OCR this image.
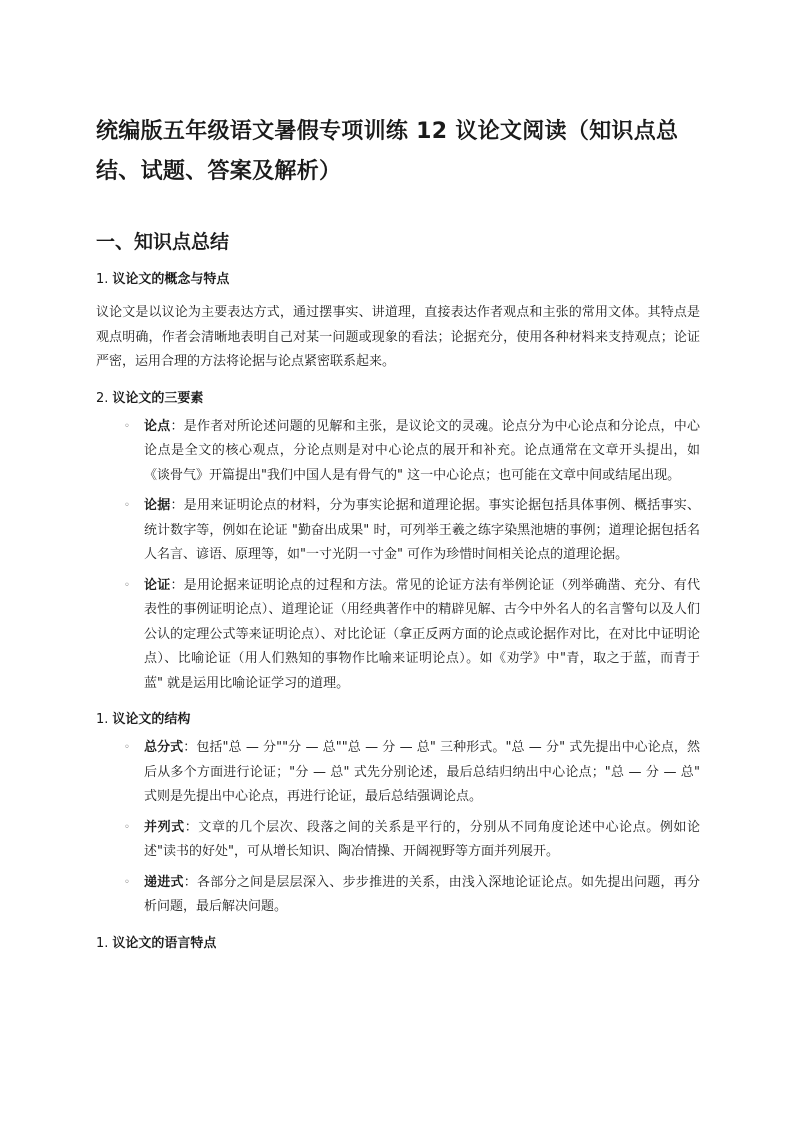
统编版五年级语文暑假专项训练 12 议论文阅读（知识点总结、试题、答案及解析）
一、知识点总结
1. 议论文的概念与特点

议论文是以议论为主要表达方式，通过摆事实、讲道理，直接表达作者观点和主张的常用文体。其特点是观点明确，作者会清晰地表明自己对某一问题或现象的看法；论据充分，使用各种材料来支持观点；论证严密，运用合理的方法将论据与论点紧密联系起来。

2. 议论文的三要素
◦ 论点：是作者对所论述问题的见解和主张，是议论文的灵魂。论点分为中心论点和分论点，中心论点是全文的核心观点，分论点则是对中心论点的展开和补充。论点通常在文章开头提出，如《谈骨气》开篇提出"我们中国人是有骨气的" 这一中心论点；也可能在文章中间或结尾出现。
◦ 论据：是用来证明论点的材料，分为事实论据和道理论据。事实论据包括具体事例、概括事实、统计数字等，例如在论证 "勤奋出成果" 时，可列举王羲之练字染黑池塘的事例；道理论据包括名人名言、谚语、原理等，如"一寸光阴一寸金" 可作为珍惜时间相关论点的道理论据。
◦ 论证：是用论据来证明论点的过程和方法。常见的论证方法有举例论证（列举确凿、充分、有代表性的事例证明论点）、道理论证（用经典著作中的精辟见解、古今中外名人的名言警句以及人们公认的定理公式等来证明论点）、对比论证（拿正反两方面的论点或论据作对比，在对比中证明论点）、比喻论证（用人们熟知的事物作比喻来证明论点）。如《劝学》中"青，取之于蓝，而青于蓝" 就是运用比喻论证学习的道理。
1. 议论文的结构
◦ 总分式：包括"总 — 分""分 — 总""总 — 分 — 总" 三种形式。"总 — 分" 式先提出中心论点，然后从多个方面进行论证；"分 — 总" 式先分别论述，最后总结归纳出中心论点；"总 — 分 — 总" 式则是先提出中心论点，再进行论证，最后总结强调论点。
◦ 并列式：文章的几个层次、段落之间的关系是平行的，分别从不同角度论述中心论点。例如论述"读书的好处"，可从增长知识、陶冶情操、开阔视野等方面并列展开。
◦ 递进式：各部分之间是层层深入、步步推进的关系，由浅入深地论证论点。如先提出问题，再分析问题，最后解决问题。
1. 议论文的语言特点
